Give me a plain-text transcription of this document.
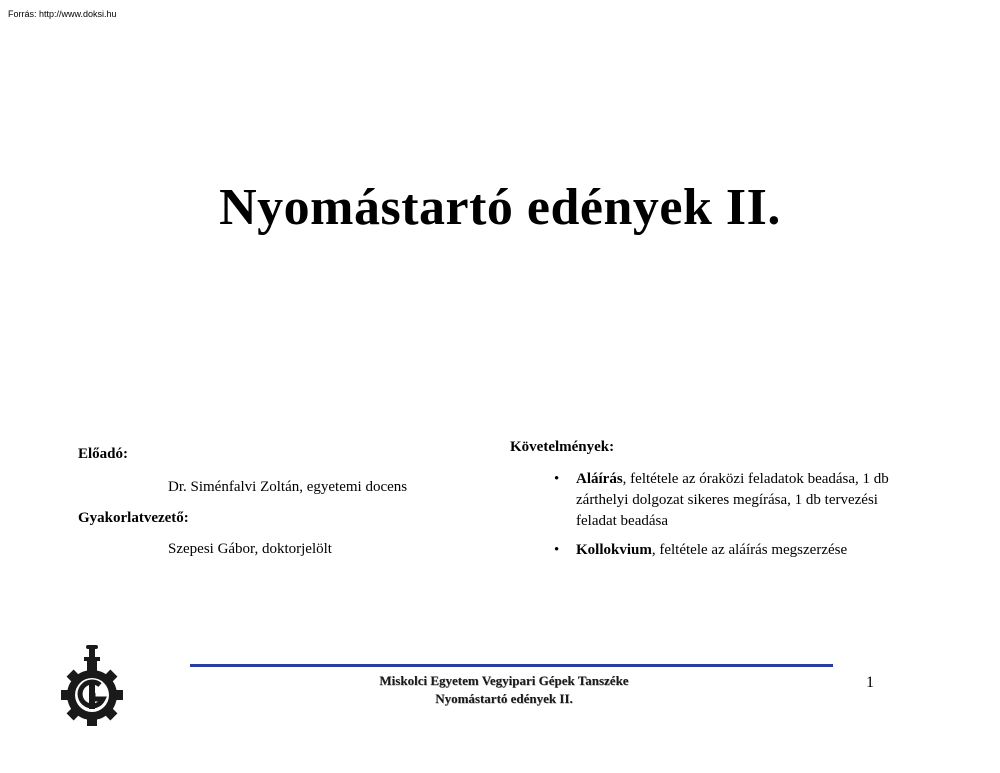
Forrás: http://www.doksi.hu
Nyomástartó edények II.
Előadó:
Dr. Siménfalvi Zoltán, egyetemi docens
Gyakorlatvezető:
Szepesi Gábor, doktorjelölt
Követelmények:
• Aláírás, feltétele az óraközi feladatok beadása, 1 db zárthelyi dolgozat sikeres megírása, 1 db tervezési feladat beadása
• Kollokvium, feltétele az aláírás megszerzése
Miskolci Egyetem Vegyipari Gépek Tanszéke
Nyomástartó edények II.
1
